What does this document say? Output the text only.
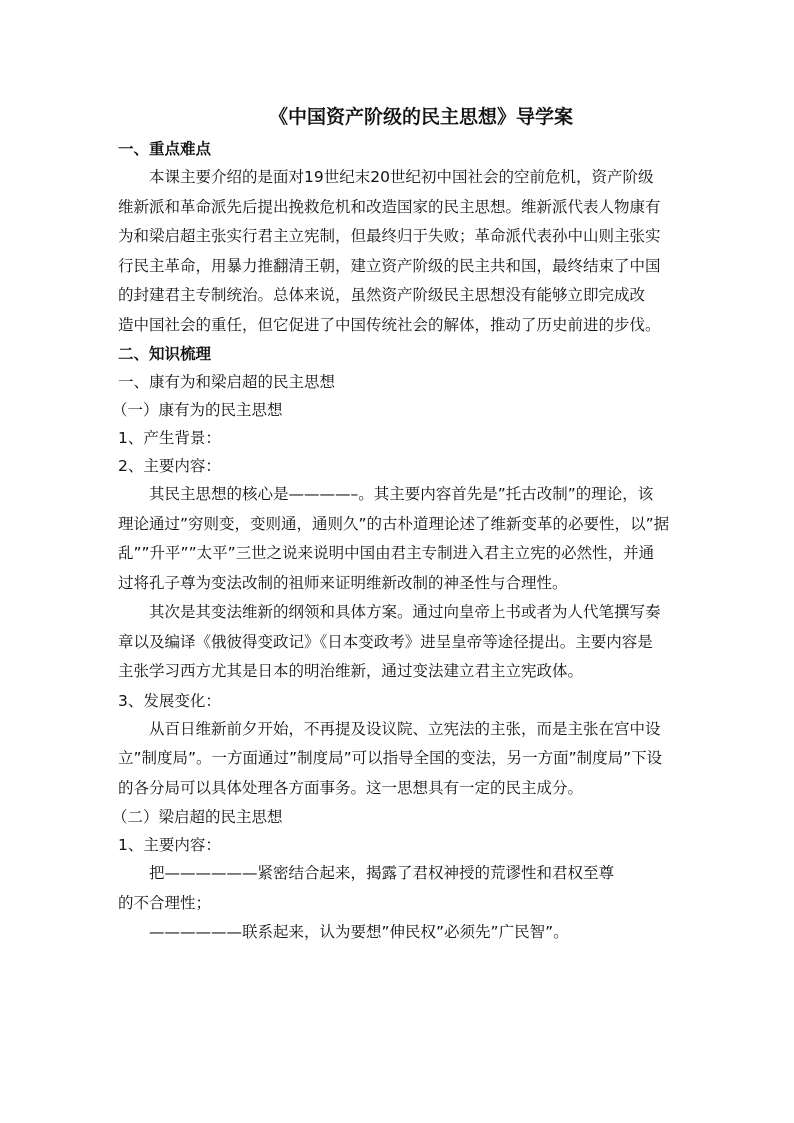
《中国资产阶级的民主思想》导学案

一、重点难点

本课主要介绍的是面对19世纪末20世纪初中国社会的空前危机，资产阶级
维新派和革命派先后提出挽救危机和改造国家的民主思想。维新派代表人物康有
为和梁启超主张实行君主立宪制，但最终归于失败；革命派代表孙中山则主张实
行民主革命，用暴力推翻清王朝，建立资产阶级的民主共和国，最终结束了中国
的封建君主专制统治。总体来说，虽然资产阶级民主思想没有能够立即完成改
造中国社会的重任，但它促进了中国传统社会的解体，推动了历史前进的步伐。

二、知识梳理

一、康有为和梁启超的民主思想

（一）康有为的民主思想

1、产生背景：

2、主要内容：

其民主思想的核心是————–。其主要内容首先是”托古改制”的理论，该
理论通过”穷则变，变则通，通则久”的古朴道理论述了维新变革的必要性，以”据
乱””升平””太平”三世之说来说明中国由君主专制进入君主立宪的必然性，并通
过将孔子尊为变法改制的祖师来证明维新改制的神圣性与合理性。
其次是其变法维新的纲领和具体方案。通过向皇帝上书或者为人代笔撰写奏
章以及编译《俄彼得变政记》《日本变政考》进呈皇帝等途径提出。主要内容是
主张学习西方尤其是日本的明治维新，通过变法建立君主立宪政体。

3、发展变化：

从百日维新前夕开始，不再提及设议院、立宪法的主张，而是主张在宫中设
立”制度局”。一方面通过”制度局”可以指导全国的变法，另一方面”制度局”下设
的各分局可以具体处理各方面事务。这一思想具有一定的民主成分。

（二）梁启超的民主思想

1、主要内容：

把——————紧密结合起来，揭露了君权神授的荒谬性和君权至尊
的不合理性；
——————联系起来，认为要想”伸民权”必须先”广民智”。
